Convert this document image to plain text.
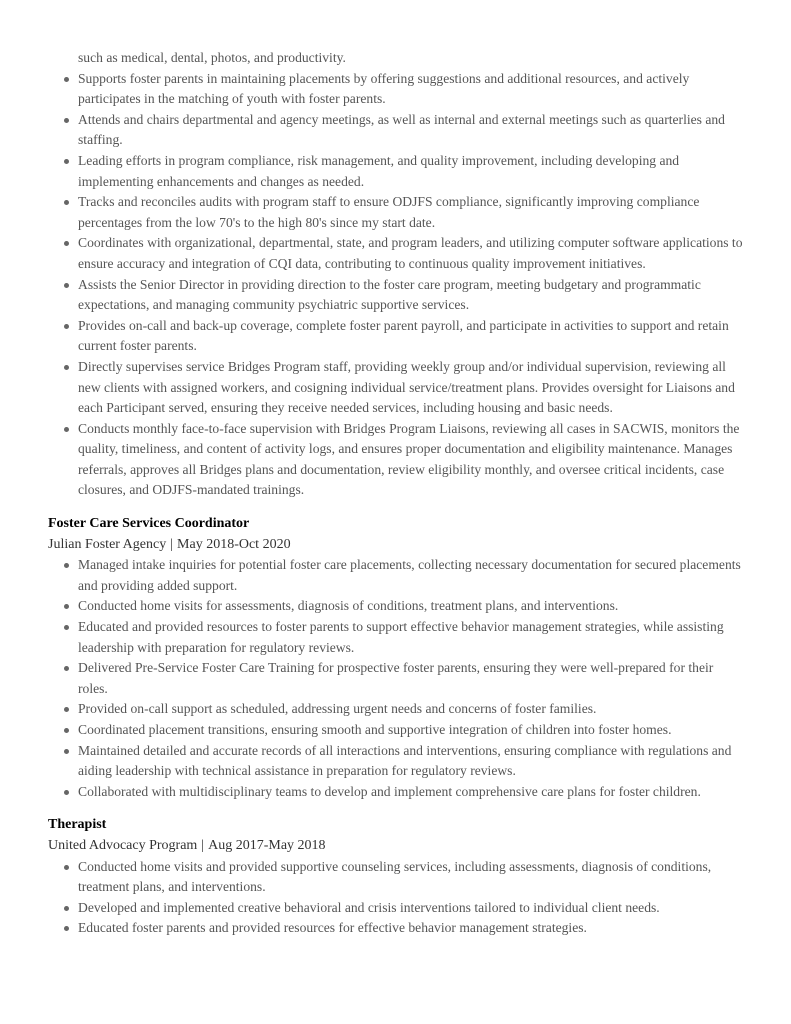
such as medical, dental, photos, and productivity.
Supports foster parents in maintaining placements by offering suggestions and additional resources, and actively participates in the matching of youth with foster parents.
Attends and chairs departmental and agency meetings, as well as internal and external meetings such as quarterlies and staffing.
Leading efforts in program compliance, risk management, and quality improvement, including developing and implementing enhancements and changes as needed.
Tracks and reconciles audits with program staff to ensure ODJFS compliance, significantly improving compliance percentages from the low 70's to the high 80's since my start date.
Coordinates with organizational, departmental, state, and program leaders, and utilizing computer software applications to ensure accuracy and integration of CQI data, contributing to continuous quality improvement initiatives.
Assists the Senior Director in providing direction to the foster care program, meeting budgetary and programmatic expectations, and managing community psychiatric supportive services.
Provides on-call and back-up coverage, complete foster parent payroll, and participate in activities to support and retain current foster parents.
Directly supervises service Bridges Program staff, providing weekly group and/or individual supervision, reviewing all new clients with assigned workers, and cosigning individual service/treatment plans. Provides oversight for Liaisons and each Participant served, ensuring they receive needed services, including housing and basic needs.
Conducts monthly face-to-face supervision with Bridges Program Liaisons, reviewing all cases in SACWIS, monitors the quality, timeliness, and content of activity logs, and ensures proper documentation and eligibility maintenance. Manages referrals, approves all Bridges plans and documentation, review eligibility monthly, and oversee critical incidents, case closures, and ODJFS-mandated trainings.
Foster Care Services Coordinator
Julian Foster Agency | May 2018-Oct 2020
Managed intake inquiries for potential foster care placements, collecting necessary documentation for secured placements and providing added support.
Conducted home visits for assessments, diagnosis of conditions, treatment plans, and interventions.
Educated and provided resources to foster parents to support effective behavior management strategies, while assisting leadership with preparation for regulatory reviews.
Delivered Pre-Service Foster Care Training for prospective foster parents, ensuring they were well-prepared for their roles.
Provided on-call support as scheduled, addressing urgent needs and concerns of foster families.
Coordinated placement transitions, ensuring smooth and supportive integration of children into foster homes.
Maintained detailed and accurate records of all interactions and interventions, ensuring compliance with regulations and aiding leadership with technical assistance in preparation for regulatory reviews.
Collaborated with multidisciplinary teams to develop and implement comprehensive care plans for foster children.
Therapist
United Advocacy Program | Aug 2017-May 2018
Conducted home visits and provided supportive counseling services, including assessments, diagnosis of conditions, treatment plans, and interventions.
Developed and implemented creative behavioral and crisis interventions tailored to individual client needs.
Educated foster parents and provided resources for effective behavior management strategies.
